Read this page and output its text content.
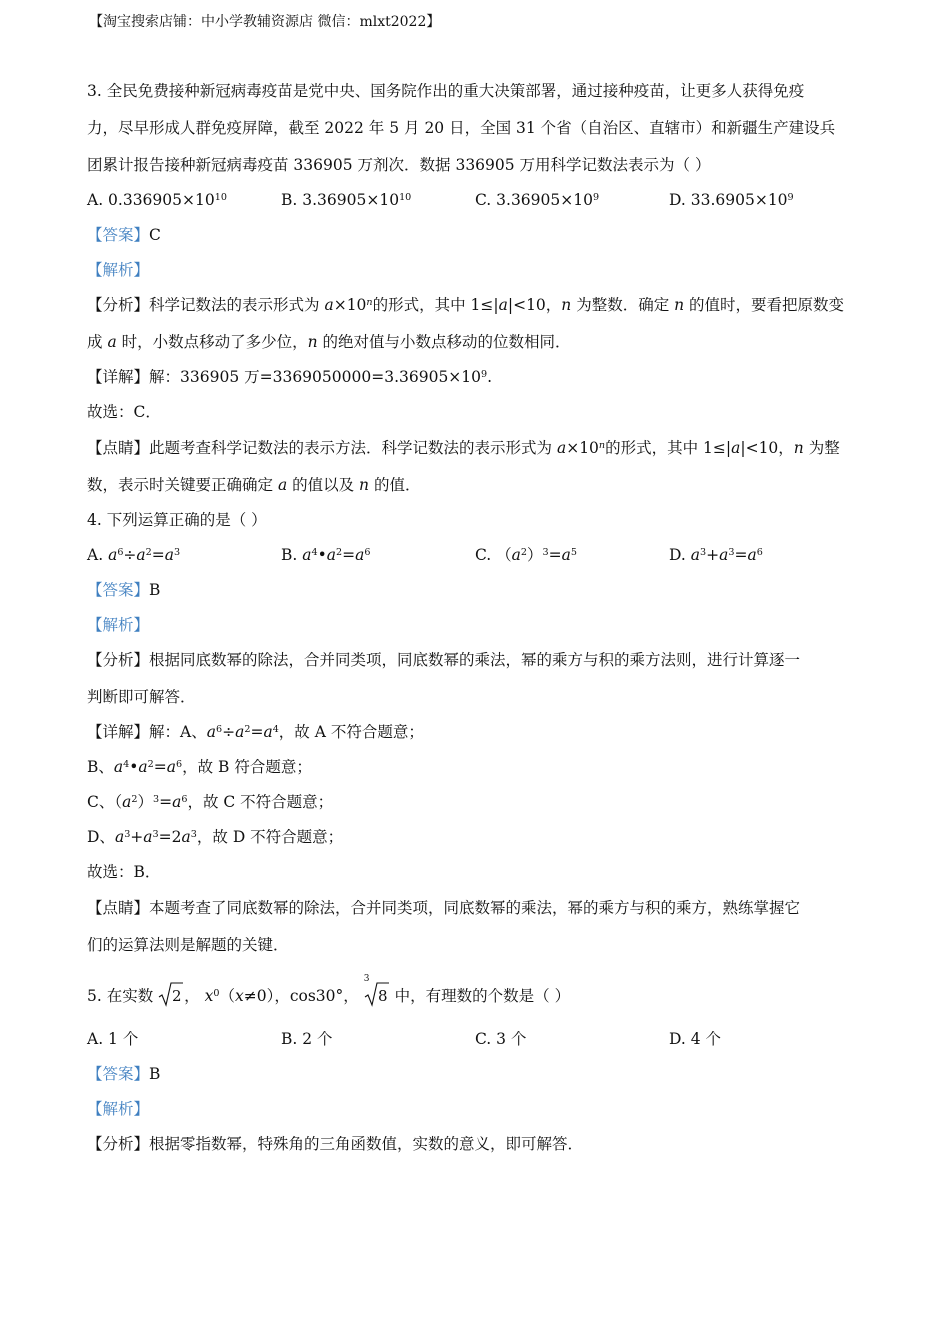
【淘宝搜索店铺：中小学教辅资源店 微信：mlxt2022】
3. 全民免费接种新冠病毒疫苗是党中央、国务院作出的重大决策部署，通过接种疫苗，让更多人获得免疫
力，尽早形成人群免疫屏障，截至 2022 年 5 月 20 日，全国 31 个省（自治区、直辖市）和新疆生产建设兵
团累计报告接种新冠病毒疫苗 336905 万剂次．数据 336905 万用科学记数法表示为（ ）
A. $0.336905\times 10^{10}$	B. $3.36905\times 10^{10}$	C. $3.36905\times 10^9$	D. $33.6905\times 10^9$
【答案】C
【解析】
【分析】科学记数法的表示形式为 $a\times 10^n$的形式，其中 1≤|a|<10，n 为整数．确定 n 的值时，要看把原数变
成 a 时，小数点移动了多少位，n 的绝对值与小数点移动的位数相同．
【详解】解：336905 万$=3369050000=3.36905\times 10^9$.
故选：C．
【点睛】此题考查科学记数法的表示方法．科学记数法的表示形式为 $a\times 10^n$的形式，其中 1≤|a|<10，n 为整
数，表示时关键要正确确定 a 的值以及 n 的值．
4. 下列运算正确的是（ ）
A. $a^6\div a^2=a^3$	B. $a^4•a^2=a^6$	C. $(a^2)^3=a^5$	D. $a^3+a^3=a^6$
【答案】B
【解析】
【分析】根据同底数幂的除法，合并同类项，同底数幂的乘法，幂的乘方与积的乘方法则，进行计算逐一
判断即可解答．
【详解】解：A、$a^6\div a^2=a^4$，故 A 不符合题意；
B、$a^4•a^2=a^6$，故 B 符合题意；
C、$(a^2)^3=a^6$，故 C 不符合题意；
D、$a^3+a^3=2a^3$，故 D 不符合题意；
故选：B．
【点睛】本题考查了同底数幂的除法，合并同类项，同底数幂的乘法，幂的乘方与积的乘方，熟练掌握它
们的运算法则是解题的关键．
5. 在实数 2 ， $x^0(x\ne 0)$，cos30°，
3
8 中，有理数的个数是（ ）
A. 1 个	B. 2 个	C. 3 个	D. 4 个
【答案】B
【解析】
【分析】根据零指数幂，特殊角的三角函数值，实数的意义，即可解答．
